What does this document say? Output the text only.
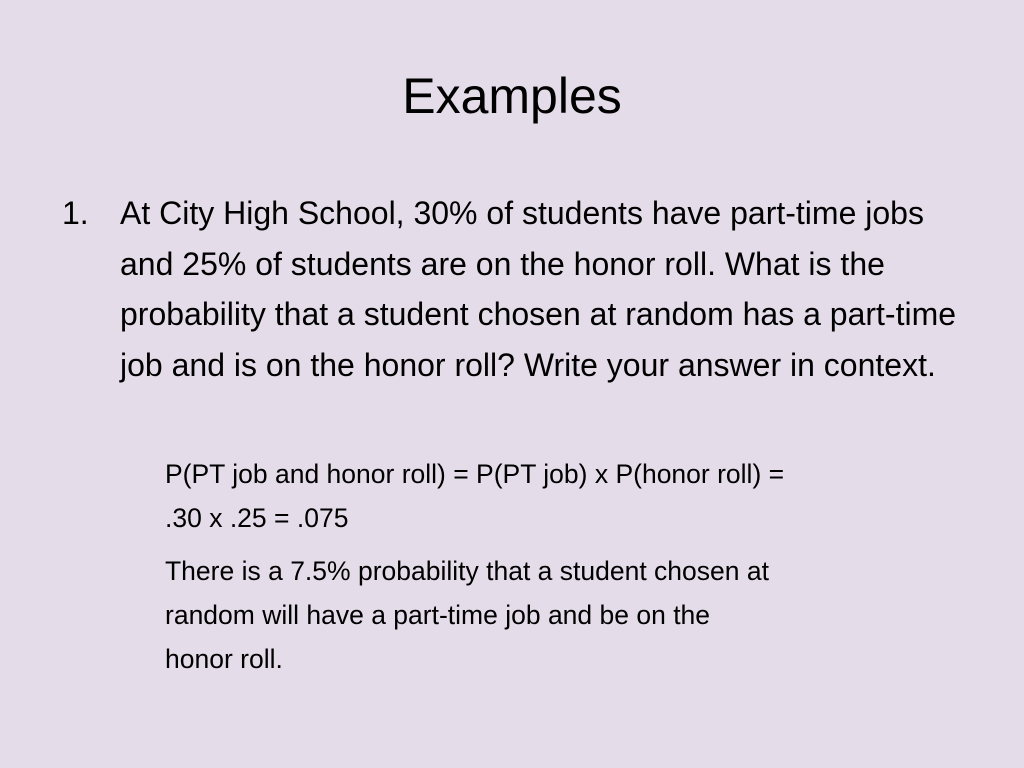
Examples
1. At City High School, 30% of students have part-time jobs and 25% of students are on the honor roll. What is the probability that a student chosen at random has a part-time job and is on the honor roll? Write your answer in context.

P(PT job and honor roll) = P(PT job) x P(honor roll) =
.30 x .25 = .075

There is a 7.5% probability that a student chosen at
random will have a part-time job and be on the
honor roll.
